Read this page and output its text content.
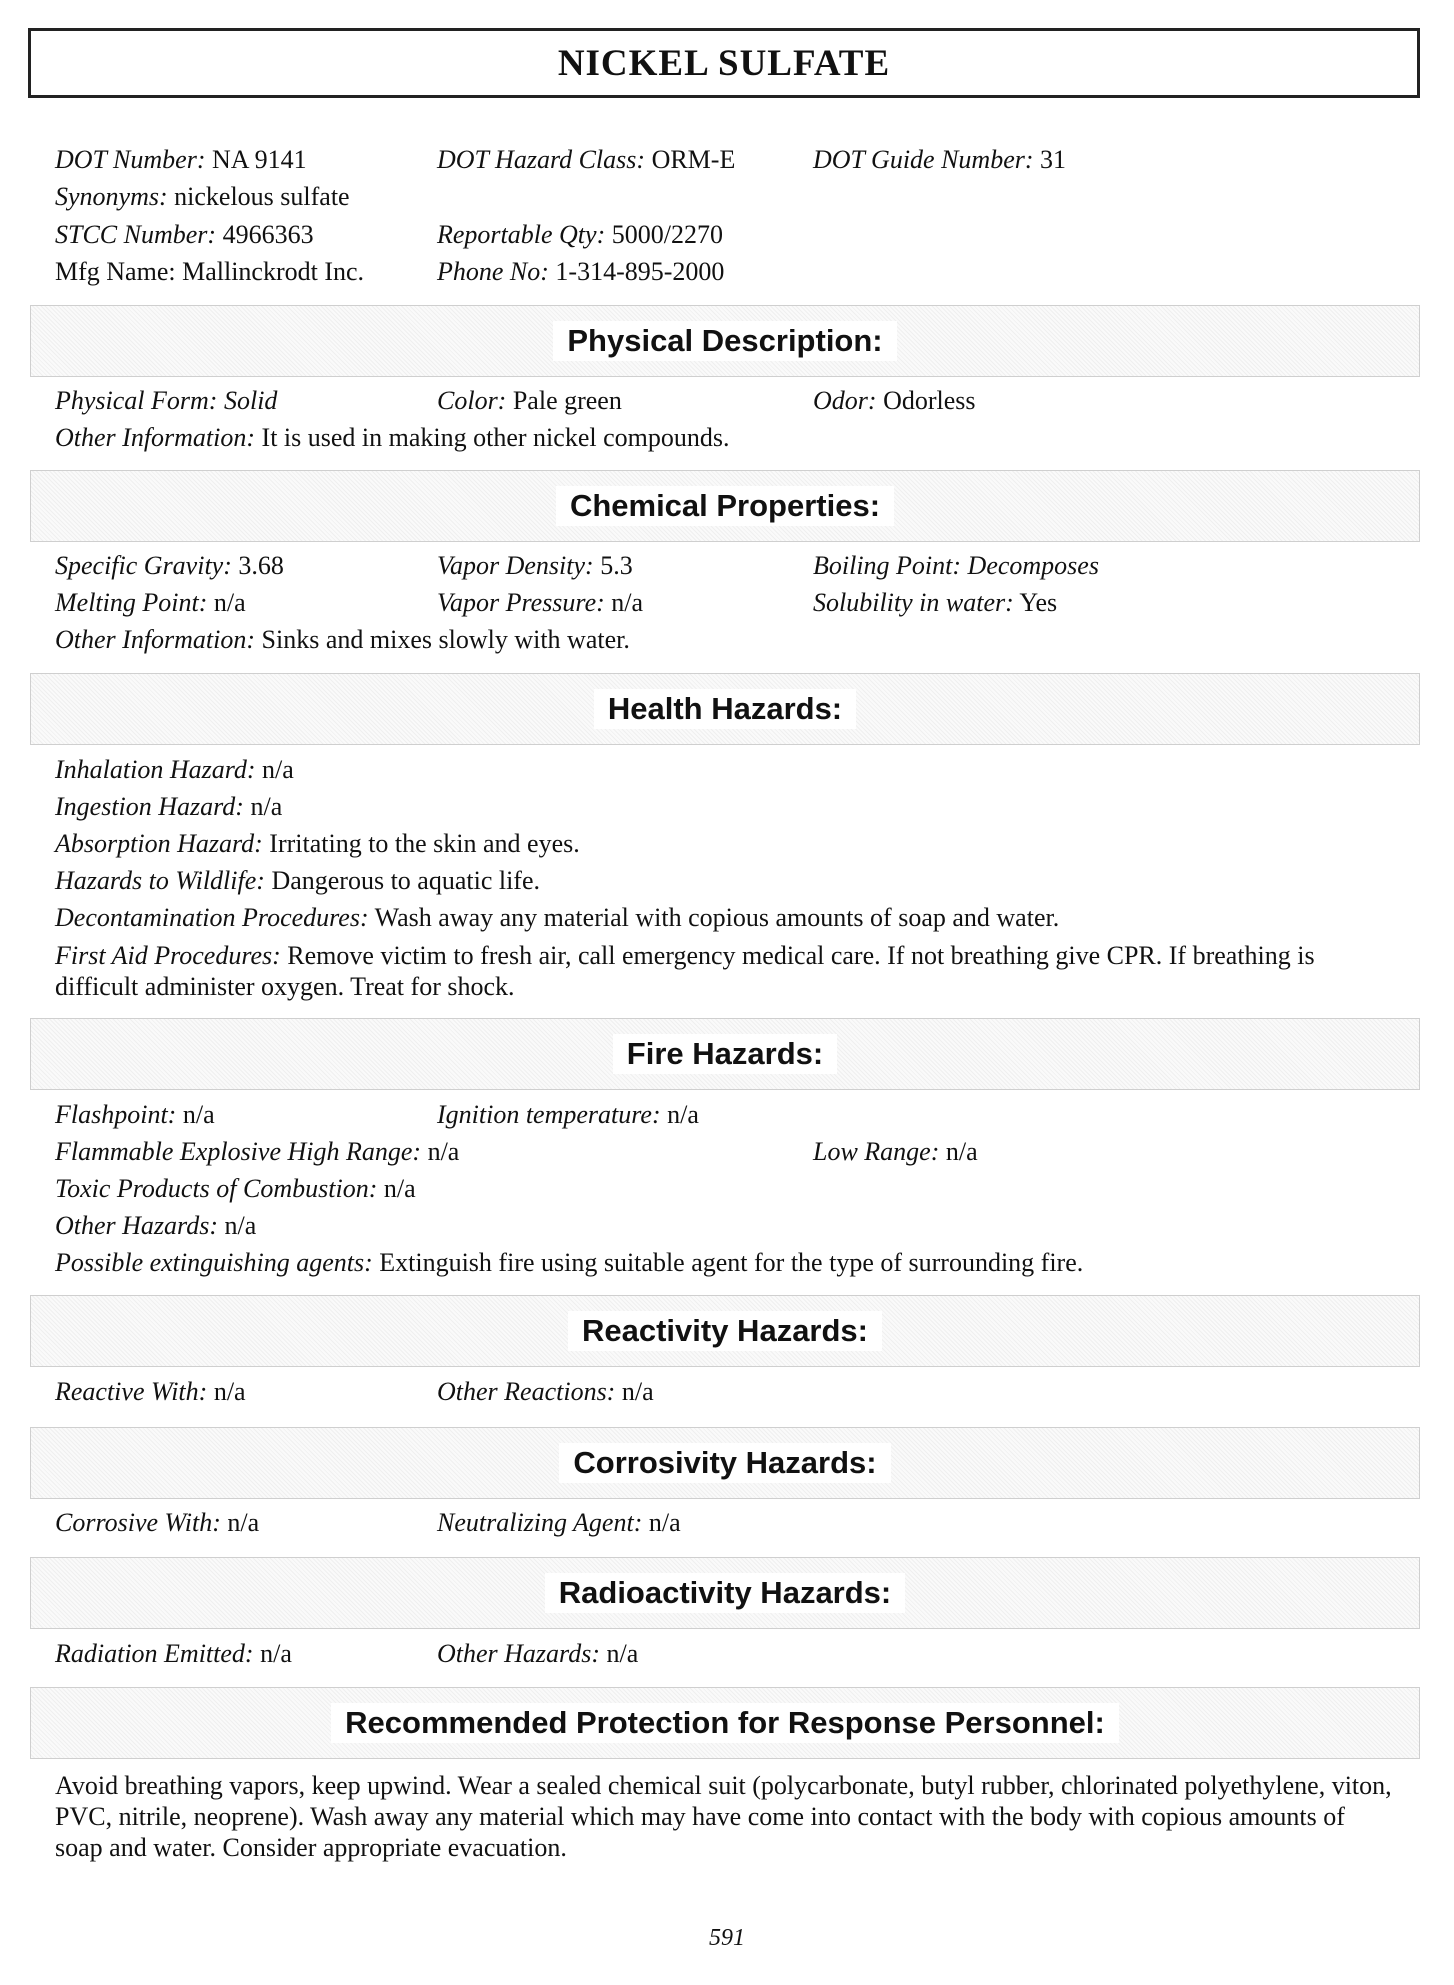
NICKEL SULFATE
DOT Number: NA 9141	DOT Hazard Class: ORM-E	DOT Guide Number: 31
Synonyms: nickelous sulfate
STCC Number: 4966363	Reportable Qty: 5000/2270
Mfg Name: Mallinckrodt Inc.	Phone No: 1-314-895-2000
Physical Description:
Physical Form: Solid	Color: Pale green	Odor: Odorless
Other Information: It is used in making other nickel compounds.
Chemical Properties:
Specific Gravity: 3.68	Vapor Density: 5.3	Boiling Point: Decomposes
Melting Point: n/a	Vapor Pressure: n/a	Solubility in water: Yes
Other Information: Sinks and mixes slowly with water.
Health Hazards:
Inhalation Hazard: n/a
Ingestion Hazard: n/a
Absorption Hazard: Irritating to the skin and eyes.
Hazards to Wildlife: Dangerous to aquatic life.
Decontamination Procedures: Wash away any material with copious amounts of soap and water.
First Aid Procedures: Remove victim to fresh air, call emergency medical care. If not breathing give CPR. If breathing is difficult administer oxygen. Treat for shock.
Fire Hazards:
Flashpoint: n/a	Ignition temperature: n/a
Flammable Explosive High Range: n/a	Low Range: n/a
Toxic Products of Combustion: n/a
Other Hazards: n/a
Possible extinguishing agents: Extinguish fire using suitable agent for the type of surrounding fire.
Reactivity Hazards:
Reactive With: n/a	Other Reactions: n/a
Corrosivity Hazards:
Corrosive With: n/a	Neutralizing Agent: n/a
Radioactivity Hazards:
Radiation Emitted: n/a	Other Hazards: n/a
Recommended Protection for Response Personnel:
Avoid breathing vapors, keep upwind. Wear a sealed chemical suit (polycarbonate, butyl rubber, chlorinated polyethylene, viton, PVC, nitrile, neoprene). Wash away any material which may have come into contact with the body with copious amounts of soap and water. Consider appropriate evacuation.
591
